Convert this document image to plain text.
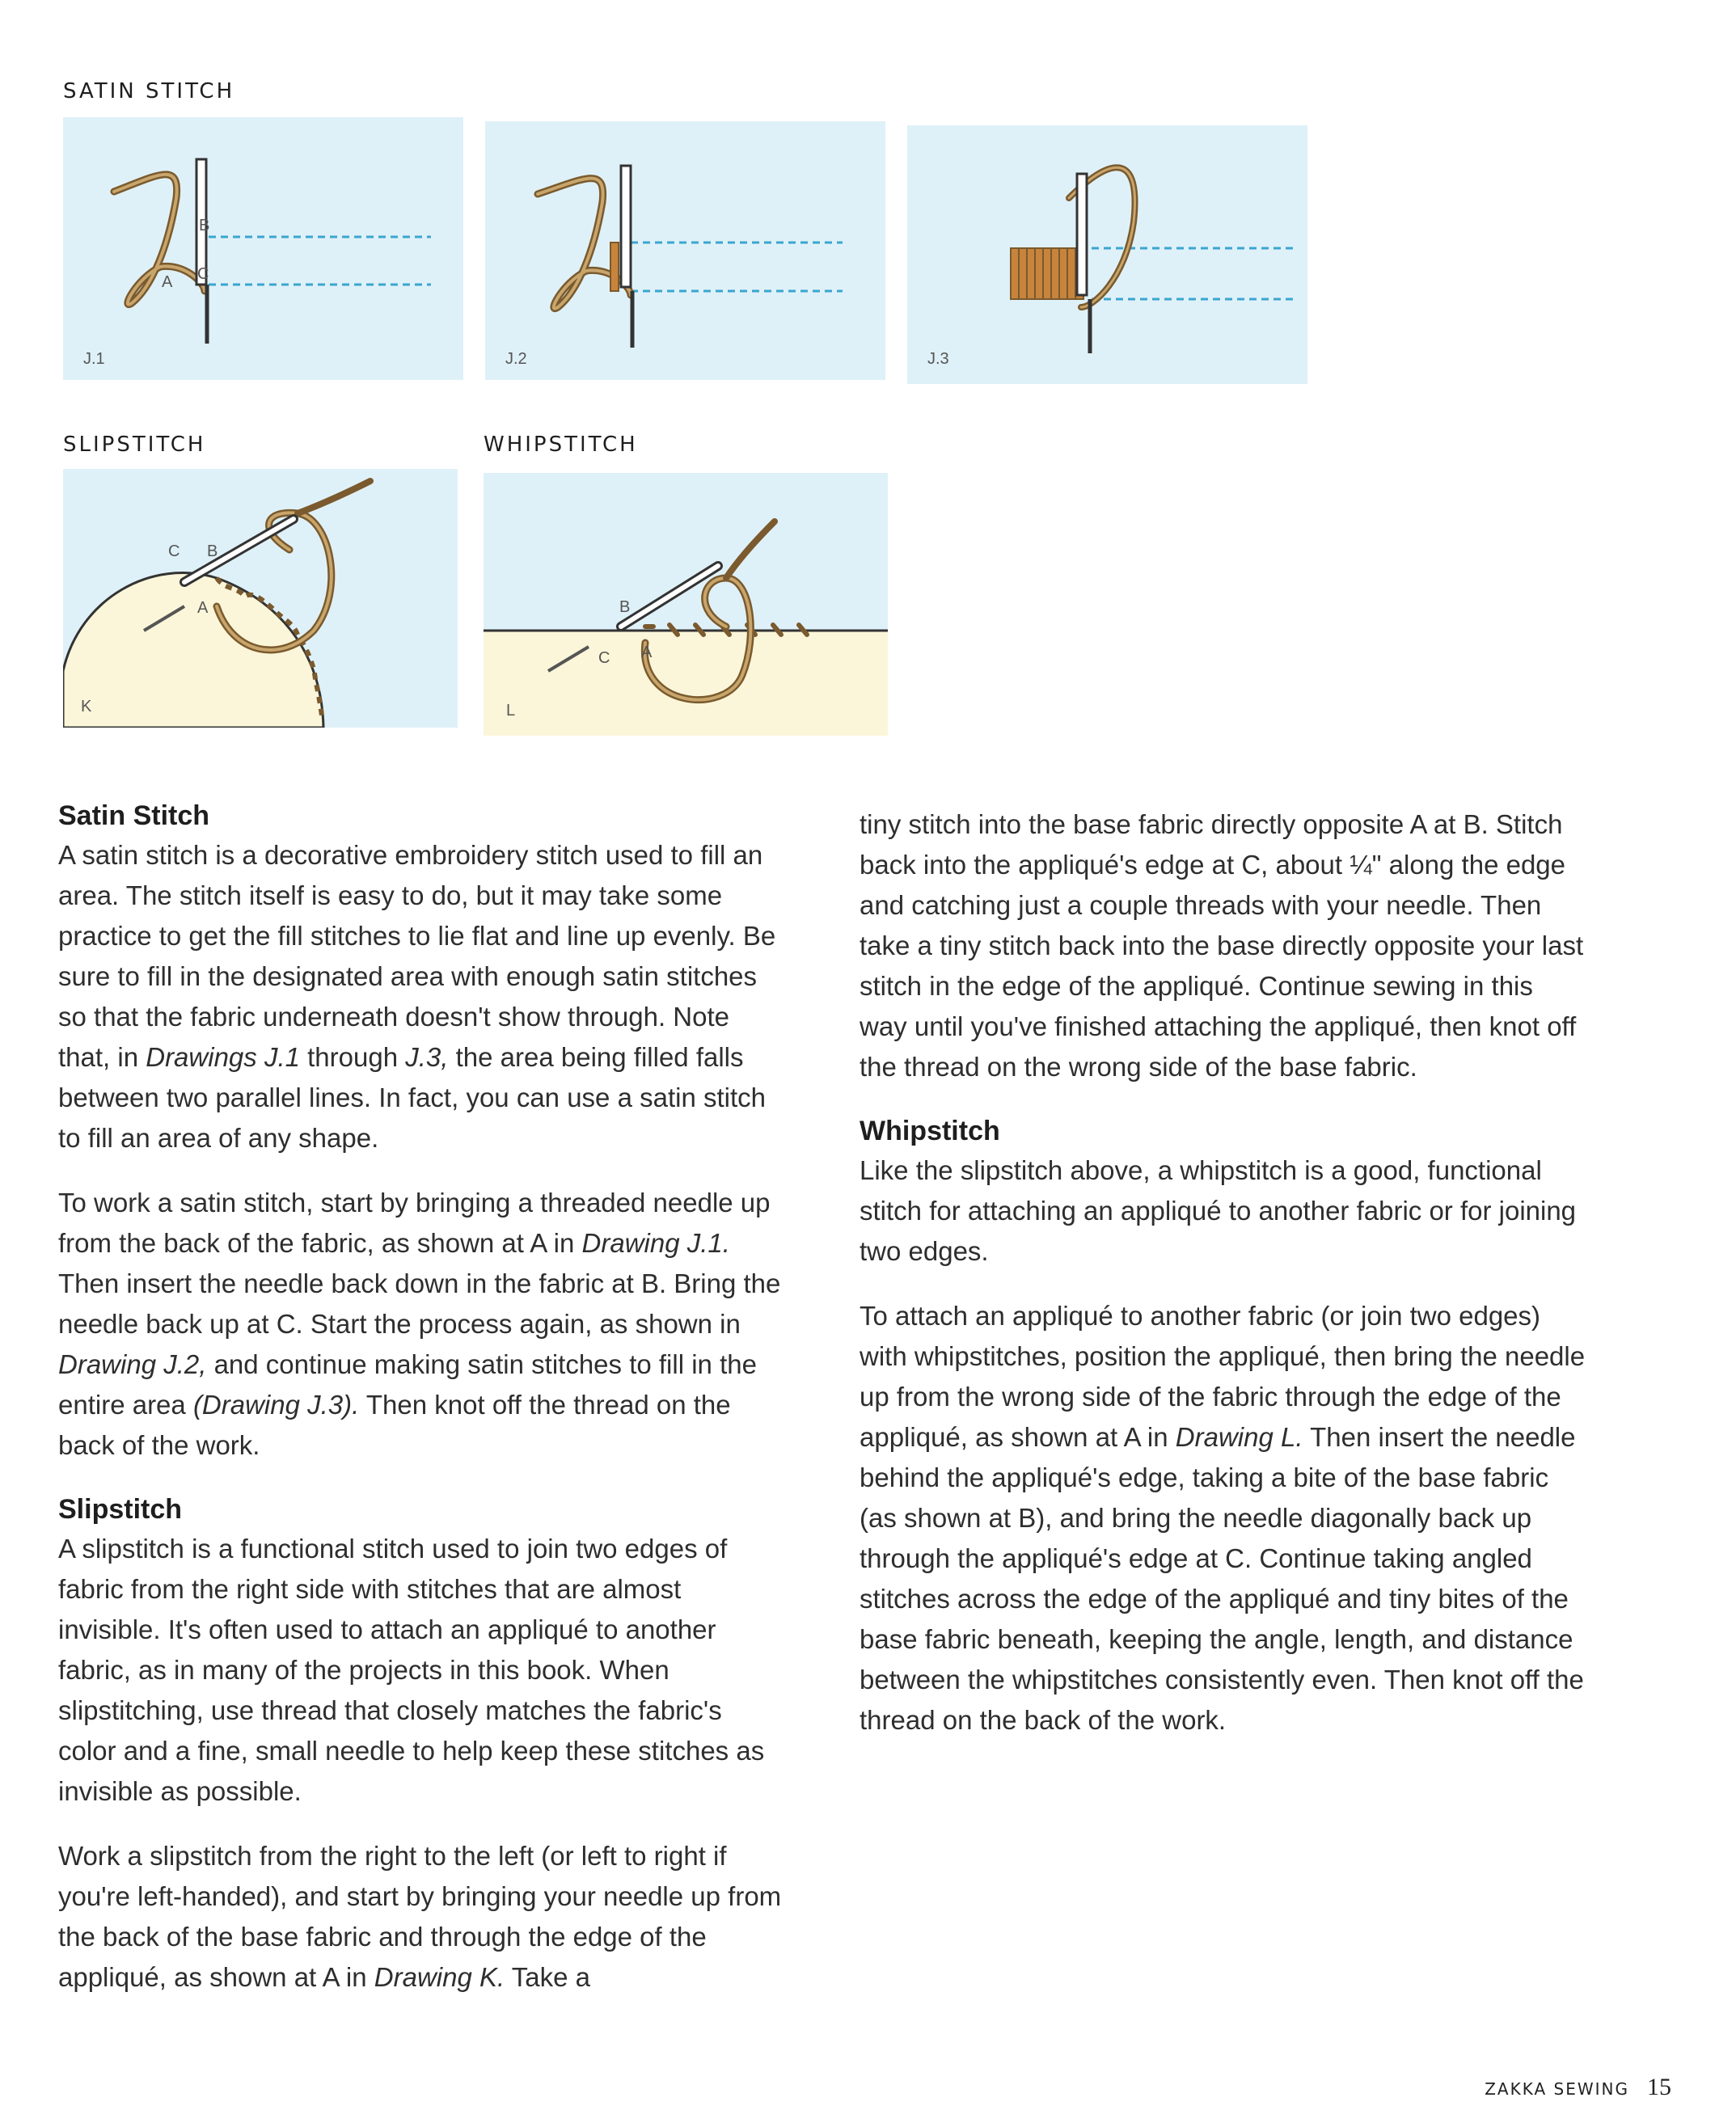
SATIN STITCH
SLIPSTITCH	WHIPSTITCH
B
A C
J.1	J.2	J.3
C B
A
K
B
C A
L
Satin Stitch

A satin stitch is a decorative embroidery stitch used to fill an area. The stitch itself is easy to do, but it may take some practice to get the fill stitches to lie flat and line up evenly. Be sure to fill in the designated area with enough satin stitches so that the fabric underneath doesn't show through. Note that, in Drawings J.1 through J.3, the area being filled falls between two parallel lines. In fact, you can use a satin stitch to fill an area of any shape.

To work a satin stitch, start by bringing a threaded needle up from the back of the fabric, as shown at A in Drawing J.1. Then insert the needle back down in the fabric at B. Bring the needle back up at C. Start the process again, as shown in Drawing J.2, and continue making satin stitches to fill in the entire area (Drawing J.3). Then knot off the thread on the back of the work.

Slipstitch

A slipstitch is a functional stitch used to join two edges of fabric from the right side with stitches that are almost invisible. It's often used to attach an appliqué to another fabric, as in many of the projects in this book. When slipstitching, use thread that closely matches the fabric's color and a fine, small needle to help keep these stitches as invisible as possible.

Work a slipstitch from the right to the left (or left to right if you're left-handed), and start by bringing your needle up from the back of the base fabric and through the edge of the appliqué, as shown at A in Drawing K. Take a

tiny stitch into the base fabric directly opposite A at B. Stitch back into the appliqué's edge at C, about ¼" along the edge and catching just a couple threads with your needle. Then take a tiny stitch back into the base directly opposite your last stitch in the edge of the appliqué. Continue sewing in this way until you've finished attaching the appliqué, then knot off the thread on the wrong side of the base fabric.

Whipstitch

Like the slipstitch above, a whipstitch is a good, functional stitch for attaching an appliqué to another fabric or for joining two edges.

To attach an appliqué to another fabric (or join two edges) with whipstitches, position the appliqué, then bring the needle up from the wrong side of the fabric through the edge of the appliqué, as shown at A in Drawing L. Then insert the needle behind the appliqué's edge, taking a bite of the base fabric (as shown at B), and bring the needle diagonally back up through the appliqué's edge at C. Continue taking angled stitches across the edge of the appliqué and tiny bites of the base fabric beneath, keeping the angle, length, and distance between the whipstitches consistently even. Then knot off the thread on the back of the work.

ZAKKA SEWING 15
